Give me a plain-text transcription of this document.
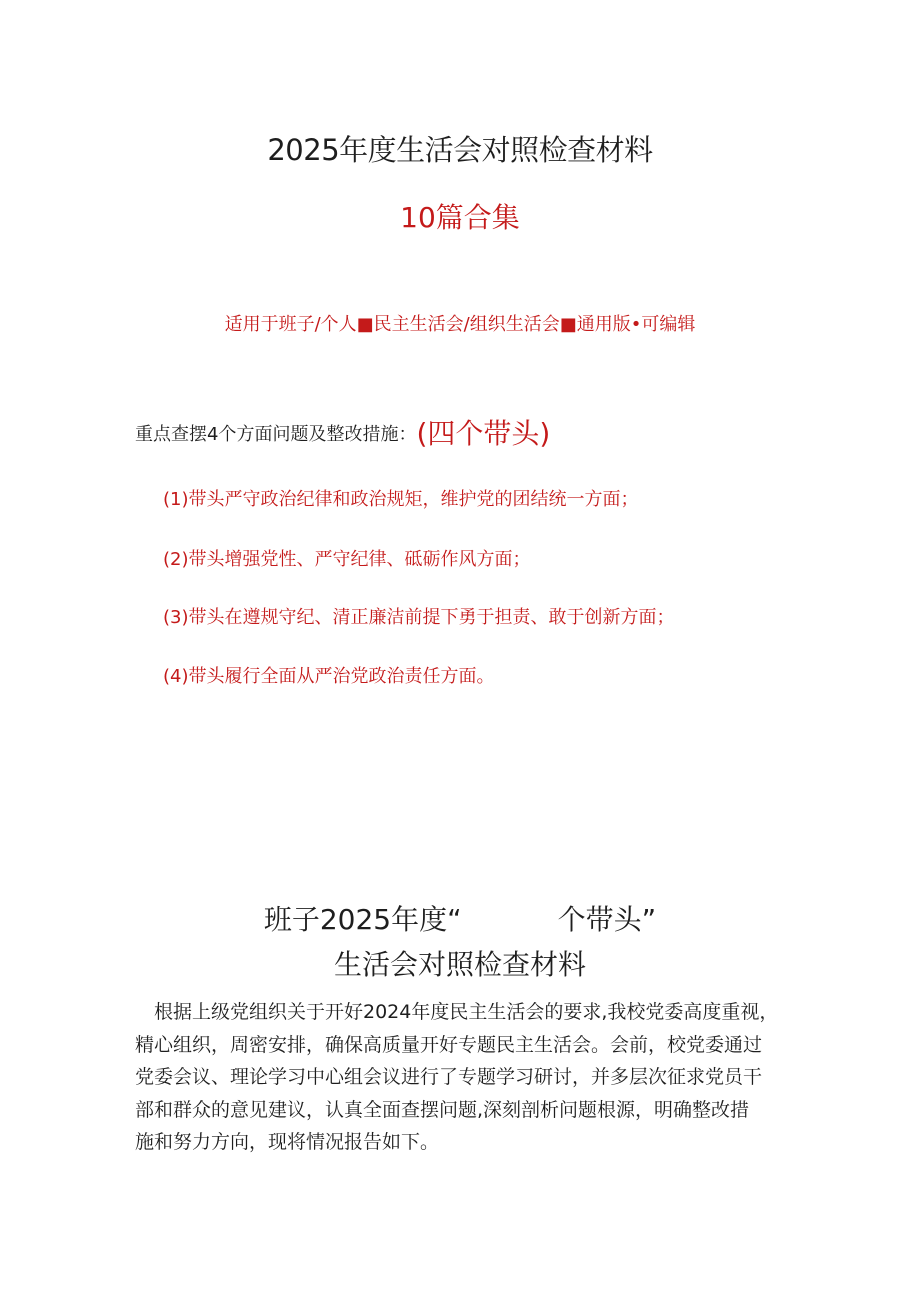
2025年度生活会对照检查材料
10篇合集
适用于班子/个人■民主生活会/组织生活会■通用版•可编辑
重点查摆4个方面问题及整改措施：(四个带头)
(1)带头严守政治纪律和政治规矩，维护党的团结统一方面；
(2)带头增强党性、严守纪律、砥砺作风方面；
(3)带头在遵规守纪、清正廉洁前提下勇于担责、敢于创新方面；
(4)带头履行全面从严治党政治责任方面。
班子2025年度“	个带头”
生活会对照检查材料
　根据上级党组织关于开好2024年度民主生活会的要求,我校党委高度重视，
精心组织，周密安排，确保高质量开好专题民主生活会。会前，校党委通过
党委会议、理论学习中心组会议进行了专题学习研讨，并多层次征求党员干
部和群众的意见建议，认真全面查摆问题,深刻剖析问题根源，明确整改措
施和努力方向，现将情况报告如下。
